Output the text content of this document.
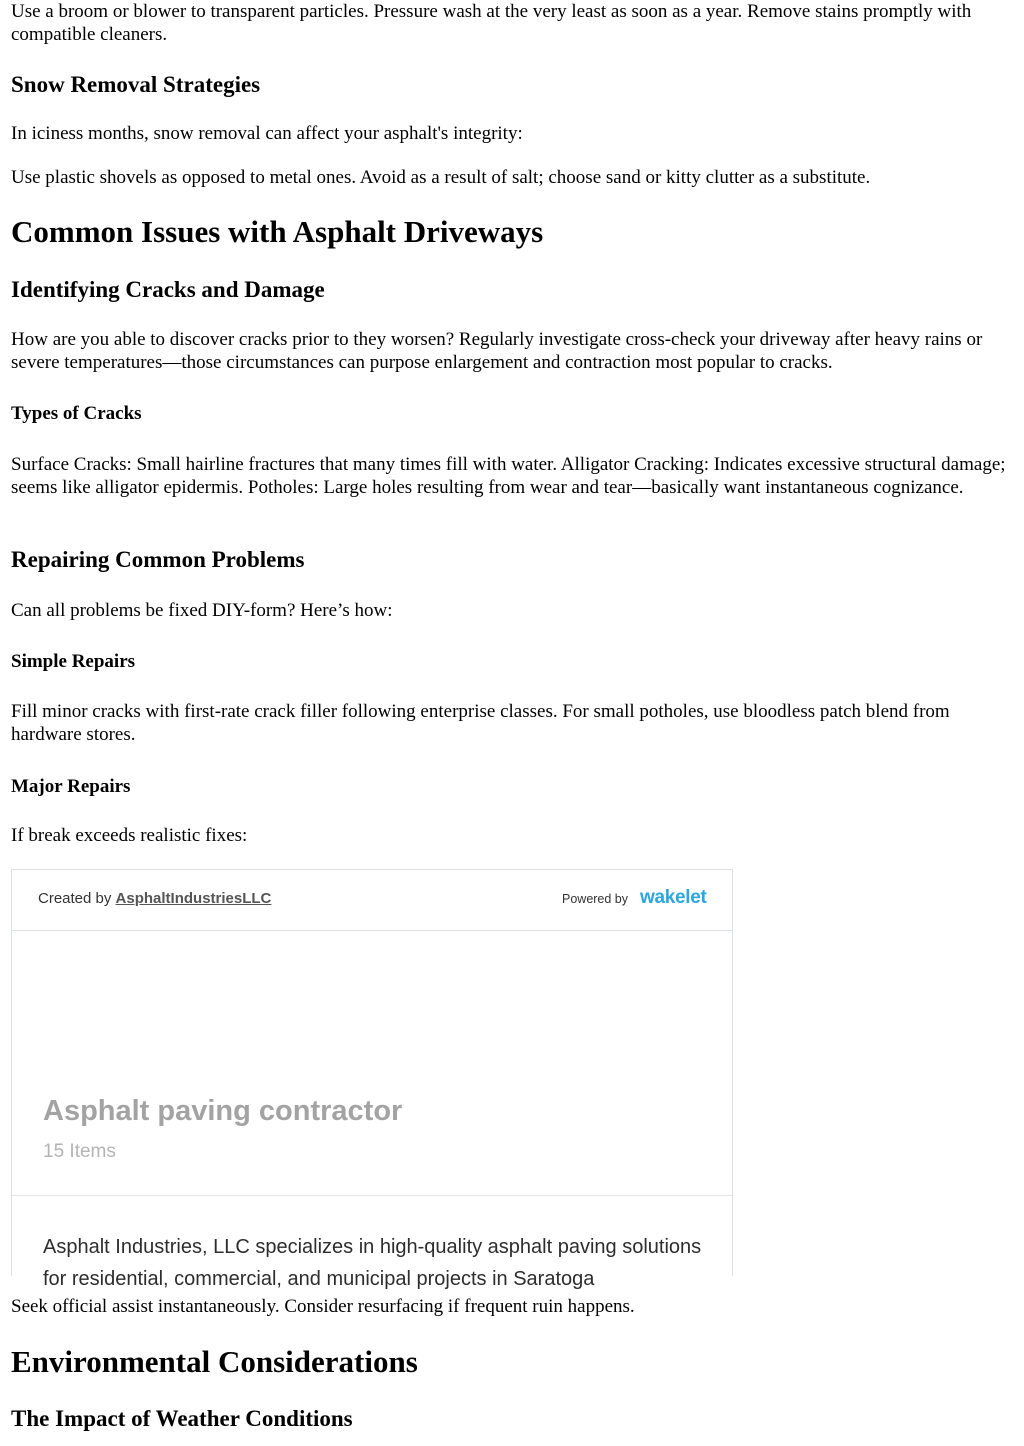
Use a broom or blower to transparent particles. Pressure wash at the very least as soon as a year. Remove stains promptly with compatible cleaners.

Snow Removal Strategies

In iciness months, snow removal can affect your asphalt's integrity:

Use plastic shovels as opposed to metal ones. Avoid as a result of salt; choose sand or kitty clutter as a substitute.

Common Issues with Asphalt Driveways
Identifying Cracks and Damage

How are you able to discover cracks prior to they worsen? Regularly investigate cross-check your driveway after heavy rains or severe temperatures—those circumstances can purpose enlargement and contraction most popular to cracks.

Types of Cracks

Surface Cracks: Small hairline fractures that many times fill with water. Alligator Cracking: Indicates excessive structural damage; seems like alligator epidermis. Potholes: Large holes resulting from wear and tear—basically want instantaneous cognizance.

Repairing Common Problems

Can all problems be fixed DIY-form? Here’s how:

Simple Repairs

Fill minor cracks with first-rate crack filler following enterprise classes. For small potholes, use bloodless patch blend from hardware stores.

Major Repairs

If break exceeds realistic fixes:

Created by AsphaltIndustriesLLC	Powered by wakelet
Asphalt paving contractor
15 Items
Asphalt Industries, LLC specializes in high-quality asphalt paving solutions for residential, commercial, and municipal projects in Saratoga

Seek official assist instantaneously. Consider resurfacing if frequent ruin happens.

Environmental Considerations
The Impact of Weather Conditions
